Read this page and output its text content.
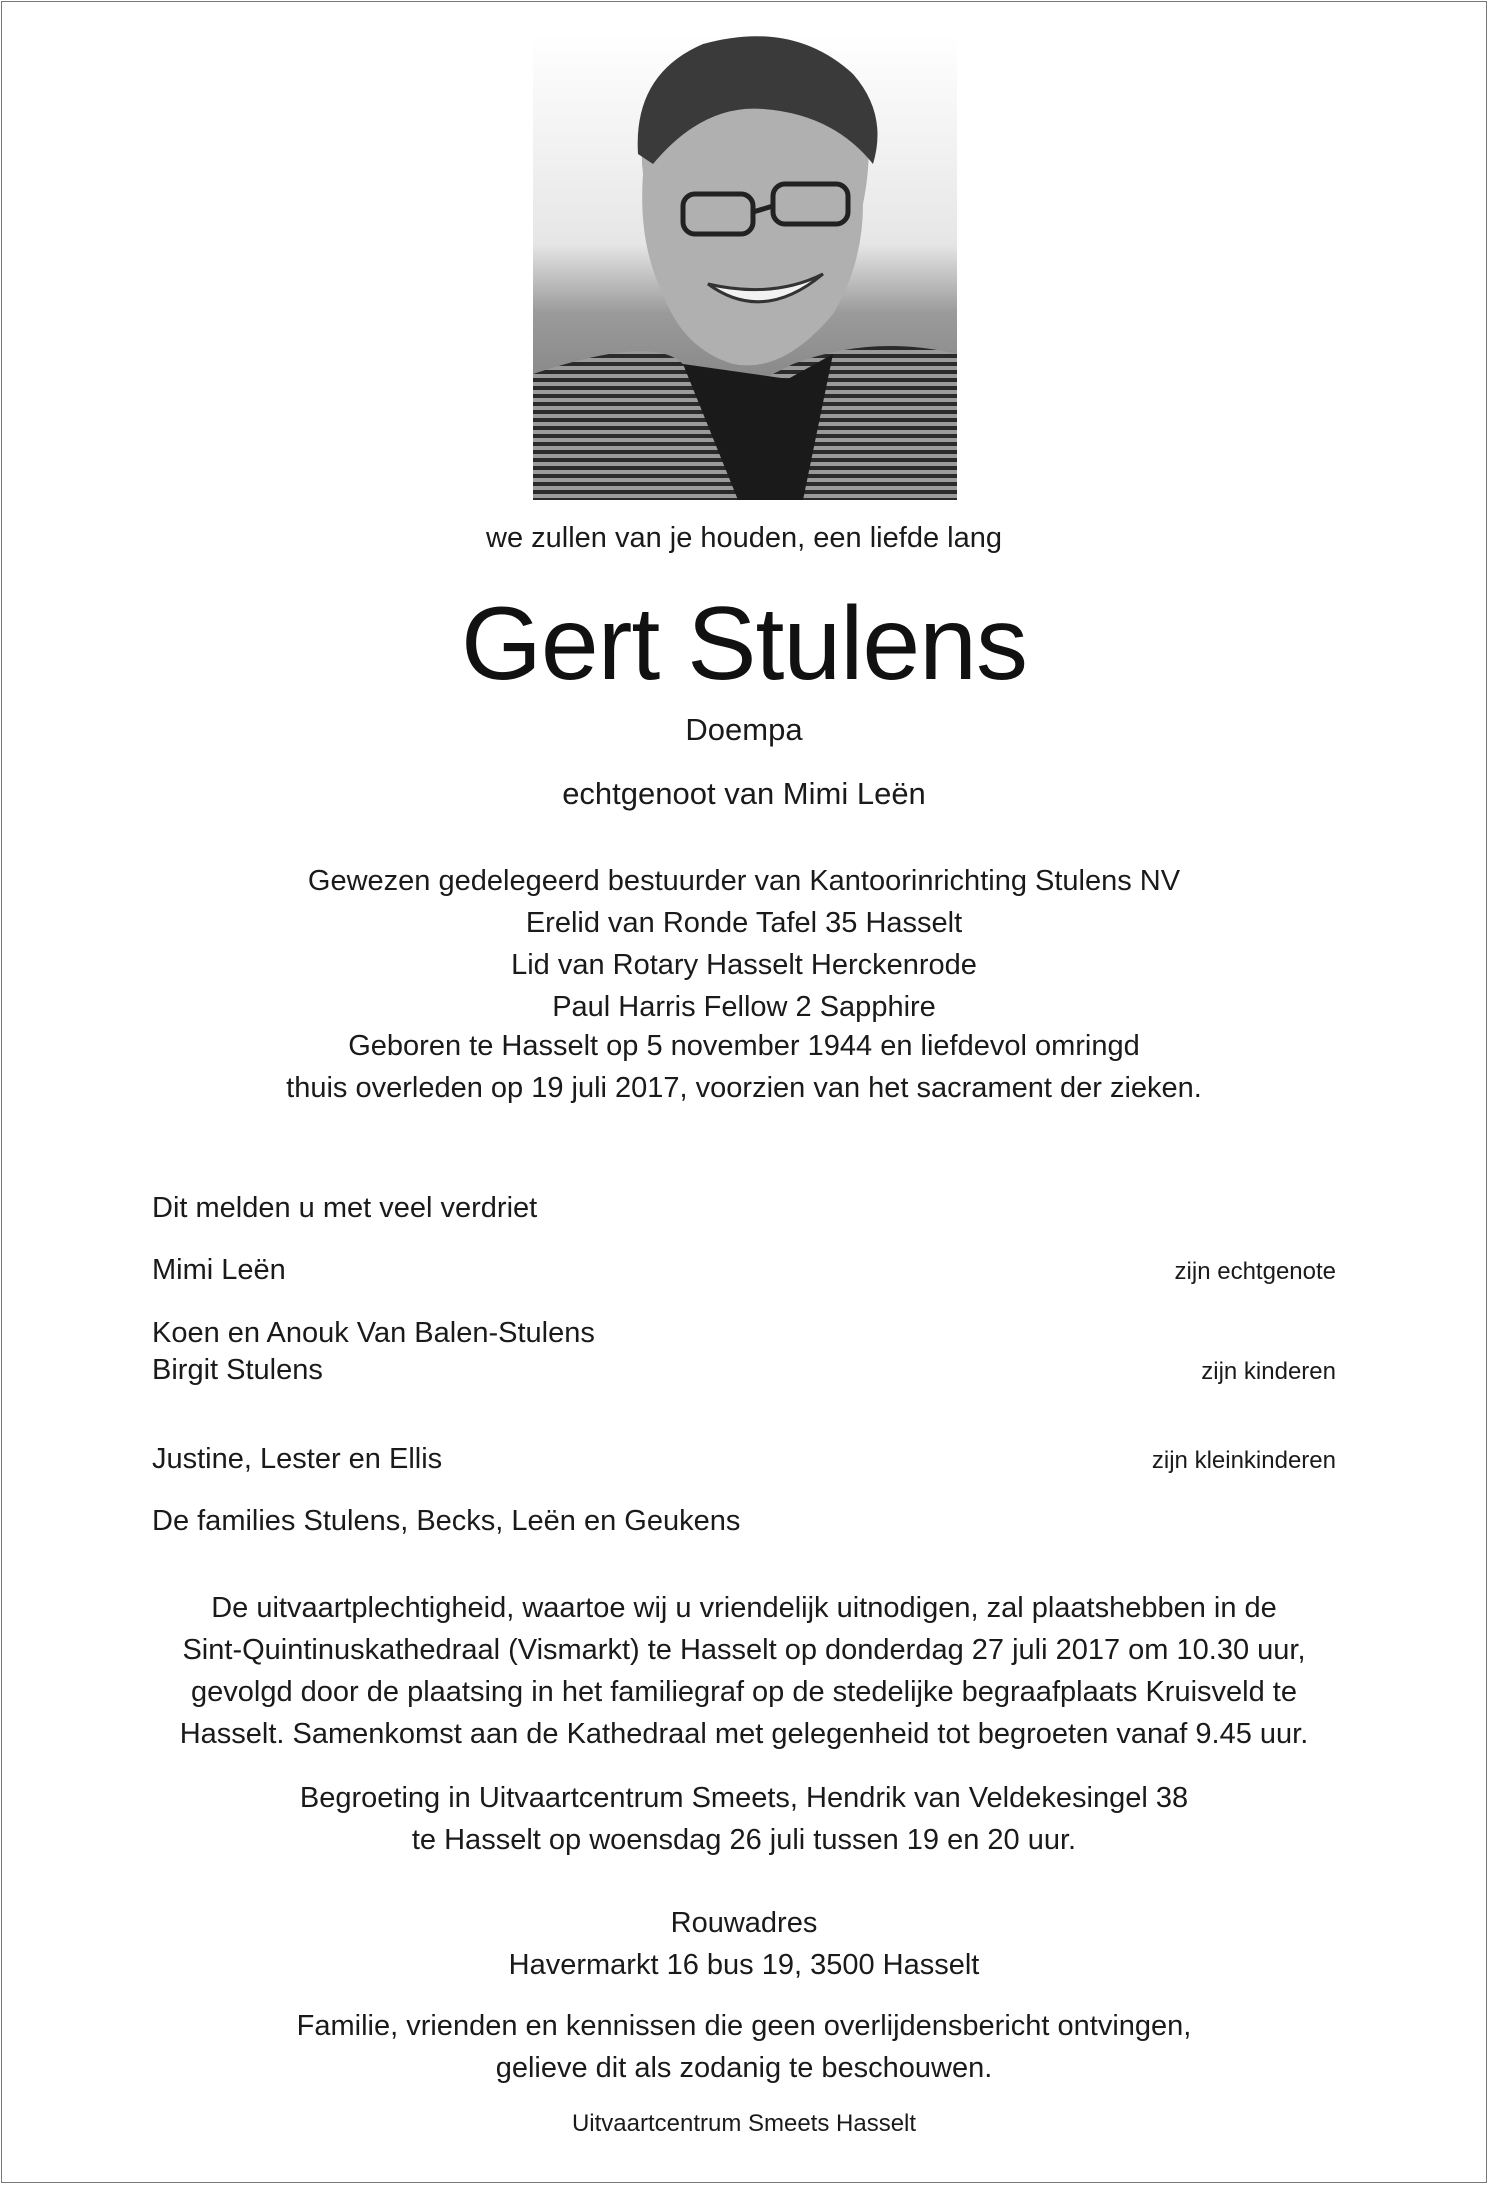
we zullen van je houden, een liefde lang
Gert Stulens
Doempa
echtgenoot van Mimi Leën
Gewezen gedelegeerd bestuurder van Kantoorinrichting Stulens NV
Erelid van Ronde Tafel 35 Hasselt
Lid van Rotary Hasselt Herckenrode
Paul Harris Fellow 2 Sapphire
Geboren te Hasselt op 5 november 1944 en liefdevol omringd
thuis overleden op 19 juli 2017, voorzien van het sacrament der zieken.
Dit melden u met veel verdriet
Mimi Leën	zijn echtgenote
Koen en Anouk Van Balen-Stulens
Birgit Stulens	zijn kinderen
Justine, Lester en Ellis	zijn kleinkinderen
De families Stulens, Becks, Leën en Geukens
De uitvaartplechtigheid, waartoe wij u vriendelijk uitnodigen, zal plaatshebben in de
Sint-Quintinuskathedraal (Vismarkt) te Hasselt op donderdag 27 juli 2017 om 10.30 uur,
gevolgd door de plaatsing in het familiegraf op de stedelijke begraafplaats Kruisveld te
Hasselt. Samenkomst aan de Kathedraal met gelegenheid tot begroeten vanaf 9.45 uur.
Begroeting in Uitvaartcentrum Smeets, Hendrik van Veldekesingel 38
te Hasselt op woensdag 26 juli tussen 19 en 20 uur.
Rouwadres
Havermarkt 16 bus 19, 3500 Hasselt
Familie, vrienden en kennissen die geen overlijdensbericht ontvingen,
gelieve dit als zodanig te beschouwen.
Uitvaartcentrum Smeets Hasselt
